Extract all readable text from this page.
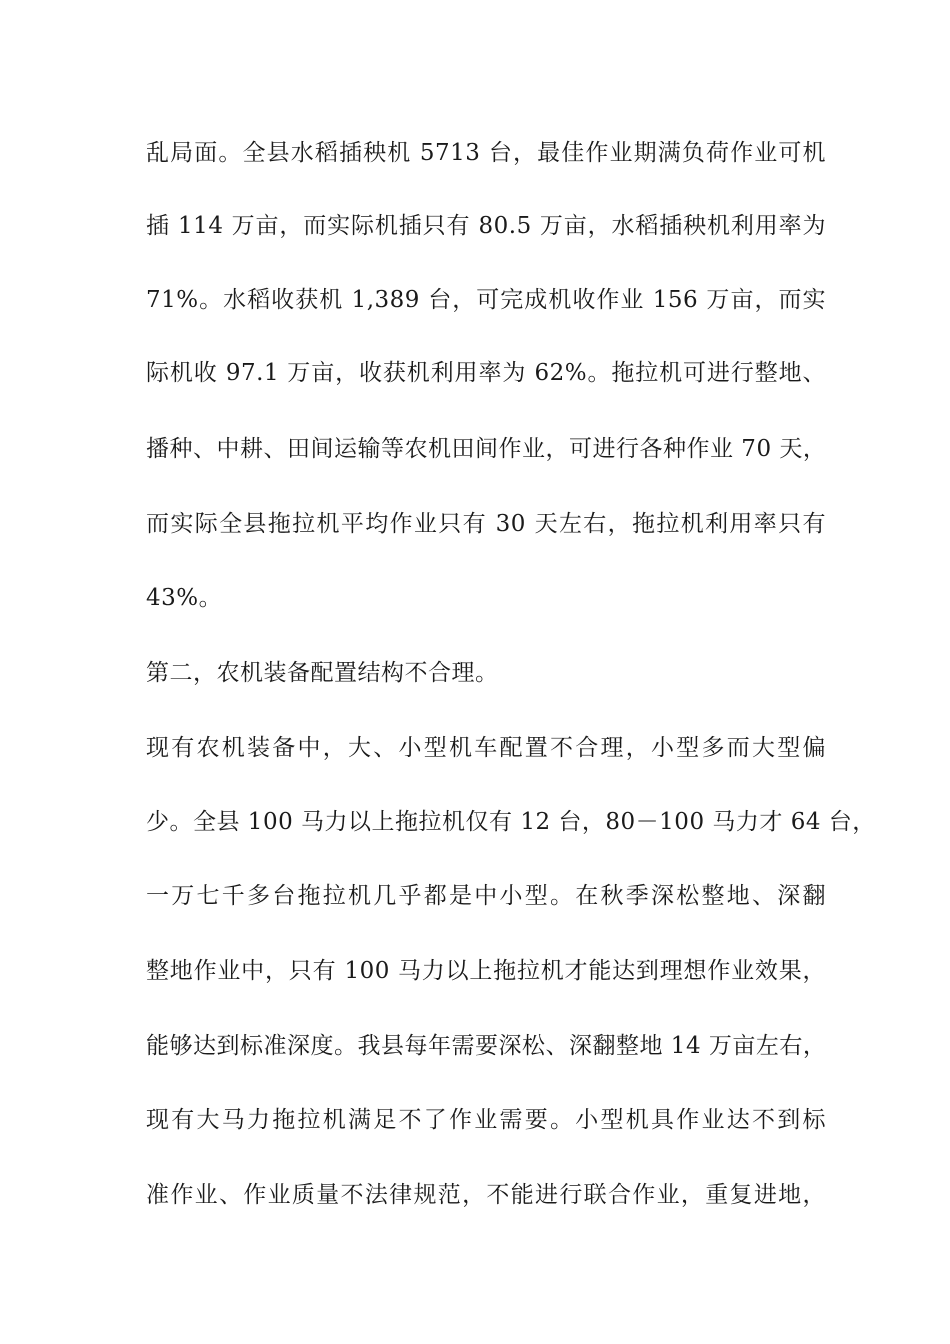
乱局面。全县水稻插秧机 5713 台，最佳作业期满负荷作业可机
插 114 万亩，而实际机插只有 80.5 万亩，水稻插秧机利用率为
71%。水稻收获机 1,389 台，可完成机收作业 156 万亩，而实
际机收 97.1 万亩，收获机利用率为 62%。拖拉机可进行整地、
播种、中耕、田间运输等农机田间作业，可进行各种作业 70 天，
而实际全县拖拉机平均作业只有 30 天左右，拖拉机利用率只有
43%。
第二，农机装备配置结构不合理。
现有农机装备中，大、小型机车配置不合理，小型多而大型偏
少。全县 100 马力以上拖拉机仅有 12 台，80－100 马力才 64 台，
一万七千多台拖拉机几乎都是中小型。在秋季深松整地、深翻
整地作业中，只有 100 马力以上拖拉机才能达到理想作业效果，
能够达到标准深度。我县每年需要深松、深翻整地 14 万亩左右，
现有大马力拖拉机满足不了作业需要。小型机具作业达不到标
准作业、作业质量不法律规范，不能进行联合作业，重复进地，
